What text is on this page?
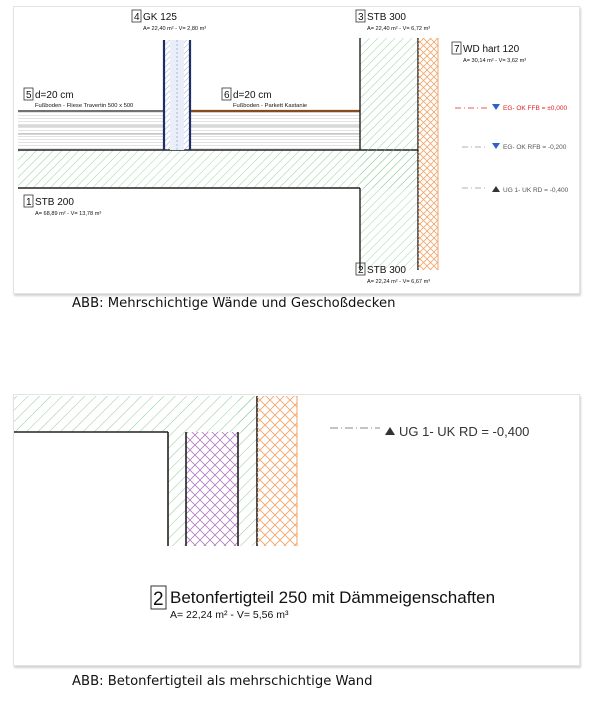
4 GK 125
A= 22,40 m² - V= 2,80 m³
3 STB 300
A= 22,40 m² - V= 6,72 m³
7 WD hart 120
A= 30,14 m² - V= 3,62 m³
5 d=20 cm
Fußboden - Fliese Travertin 500 x 500
6 d=20 cm
Fußboden - Parkett Kastanie
1 STB 200
A= 68,89 m² - V= 13,78 m³
2 STB 300
A= 22,24 m² - V= 6,67 m³
EG- OK FFB = ±0,000
EG- OK RFB = -0,200
UG 1- UK RD = -0,400
ABB: Mehrschichtige Wände und Geschoßdecken
UG 1- UK RD = -0,400
2 Betonfertigteil 250 mit Dämmeigenschaften
A= 22,24 m² - V= 5,56 m³
ABB: Betonfertigteil als mehrschichtige Wand
